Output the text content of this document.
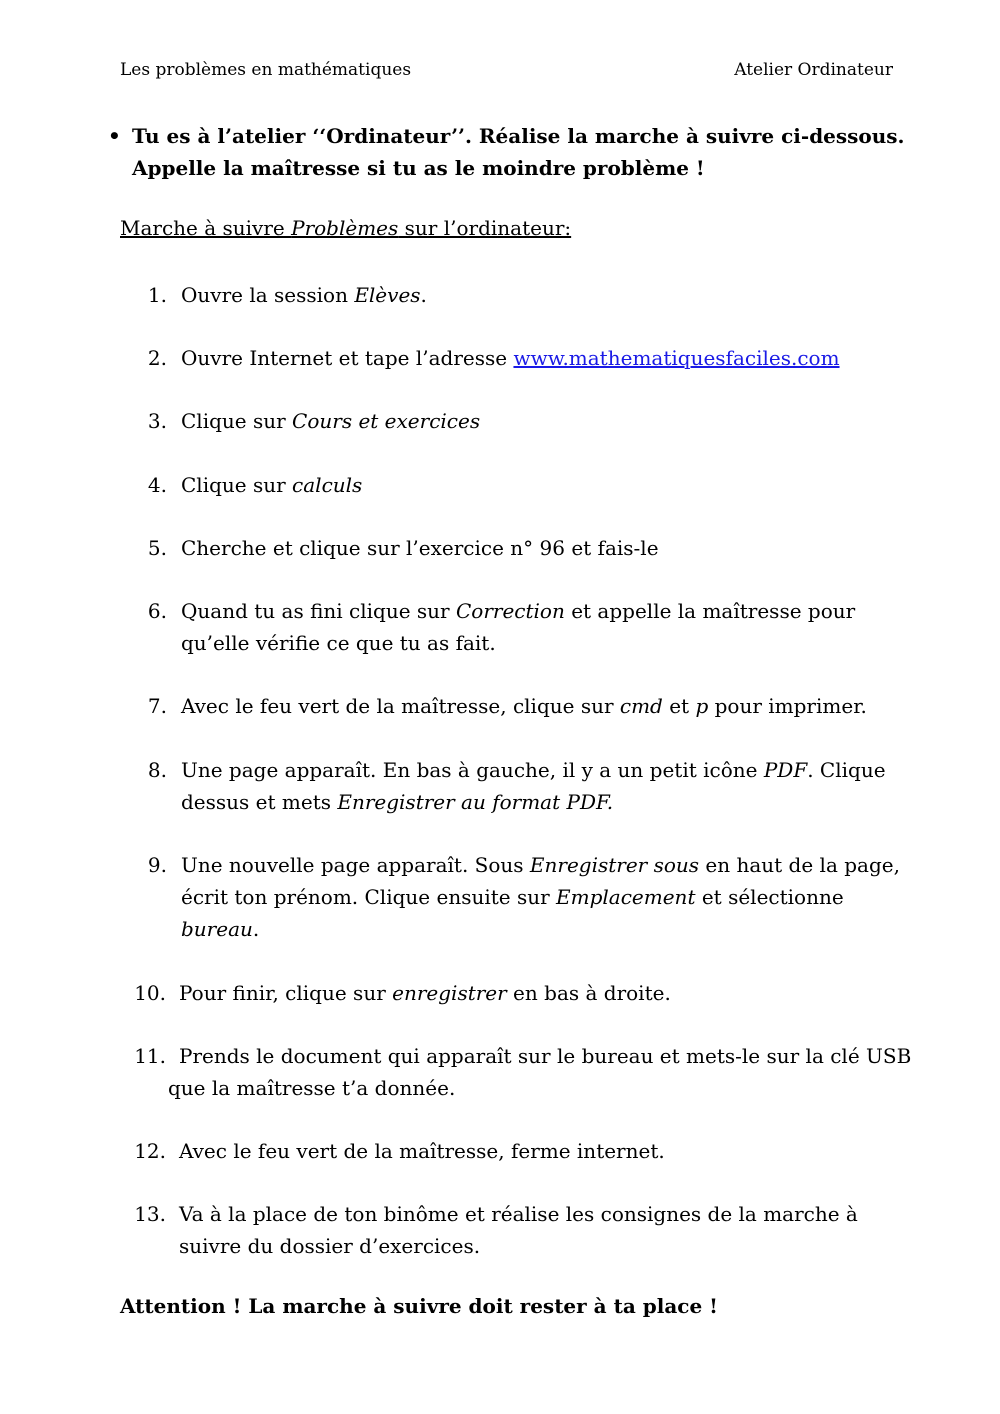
Les problèmes en mathématiques	Atelier Ordinateur
• Tu es à l’atelier ‘‘Ordinateur’’. Réalise la marche à suivre ci-dessous.
Appelle la maîtresse si tu as le moindre problème !
Marche à suivre Problèmes sur l’ordinateur:
1. Ouvre la session Elèves.
2. Ouvre Internet et tape l’adresse www.mathematiquesfaciles.com
3. Clique sur Cours et exercices
4. Clique sur calculs
5. Cherche et clique sur l’exercice n° 96 et fais-le
6. Quand tu as fini clique sur Correction et appelle la maîtresse pour
qu’elle vérifie ce que tu as fait.
7. Avec le feu vert de la maîtresse, clique sur cmd et p pour imprimer.
8. Une page apparaît. En bas à gauche, il y a un petit icône PDF. Clique
dessus et mets Enregistrer au format PDF.
9. Une nouvelle page apparaît. Sous Enregistrer sous en haut de la page,
écrit ton prénom. Clique ensuite sur Emplacement et sélectionne
bureau.
10. Pour finir, clique sur enregistrer en bas à droite.
11. Prends le document qui apparaît sur le bureau et mets-le sur la clé USB
que la maîtresse t’a donnée.
12. Avec le feu vert de la maîtresse, ferme internet.
13. Va à la place de ton binôme et réalise les consignes de la marche à
suivre du dossier d’exercices.
Attention ! La marche à suivre doit rester à ta place !
